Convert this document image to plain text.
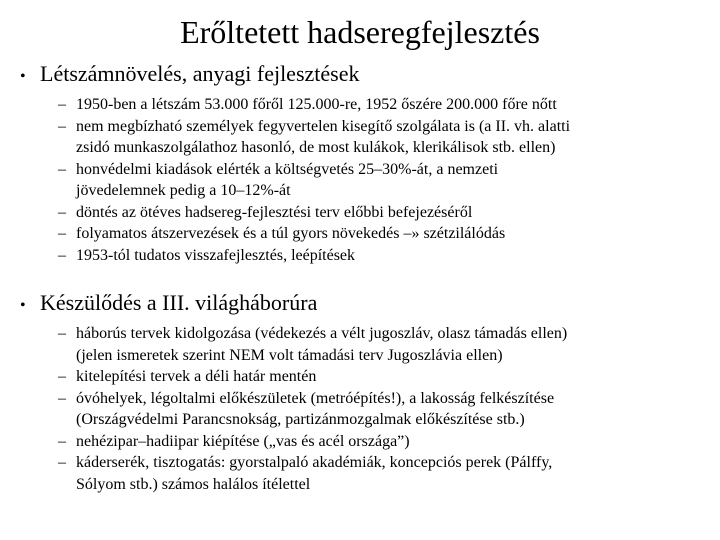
Erőltetett hadseregfejlesztés
• Létszámnövelés, anyagi fejlesztések
– 1950-ben a létszám 53.000 főről 125.000-re, 1952 őszére 200.000 főre nőtt
– nem megbízható személyek fegyvertelen kisegítő szolgálata is (a II. vh. alatti
zsidó munkaszolgálathoz hasonló, de most kulákok, klerikálisok stb. ellen)
– honvédelmi kiadások elérték a költségvetés 25–30%-át, a nemzeti
jövedelemnek pedig a 10–12%-át
– döntés az ötéves hadsereg-fejlesztési terv előbbi befejezéséről
– folyamatos átszervezések és a túl gyors növekedés –» szétzilálódás
– 1953-tól tudatos visszafejlesztés, leépítések
• Készülődés a III. világháborúra
– háborús tervek kidolgozása (védekezés a vélt jugoszláv, olasz támadás ellen)
(jelen ismeretek szerint NEM volt támadási terv Jugoszlávia ellen)
– kitelepítési tervek a déli határ mentén
– óvóhelyek, légoltalmi előkészületek (metróépítés!), a lakosság felkészítése
(Országvédelmi Parancsnokság, partizánmozgalmak előkészítése stb.)
– nehézipar–hadiipar kiépítése („vas és acél országa”)
– káderserék, tisztogatás: gyorstalpaló akadémiák, koncepciós perek (Pálffy,
Sólyom stb.) számos halálos ítélettel
